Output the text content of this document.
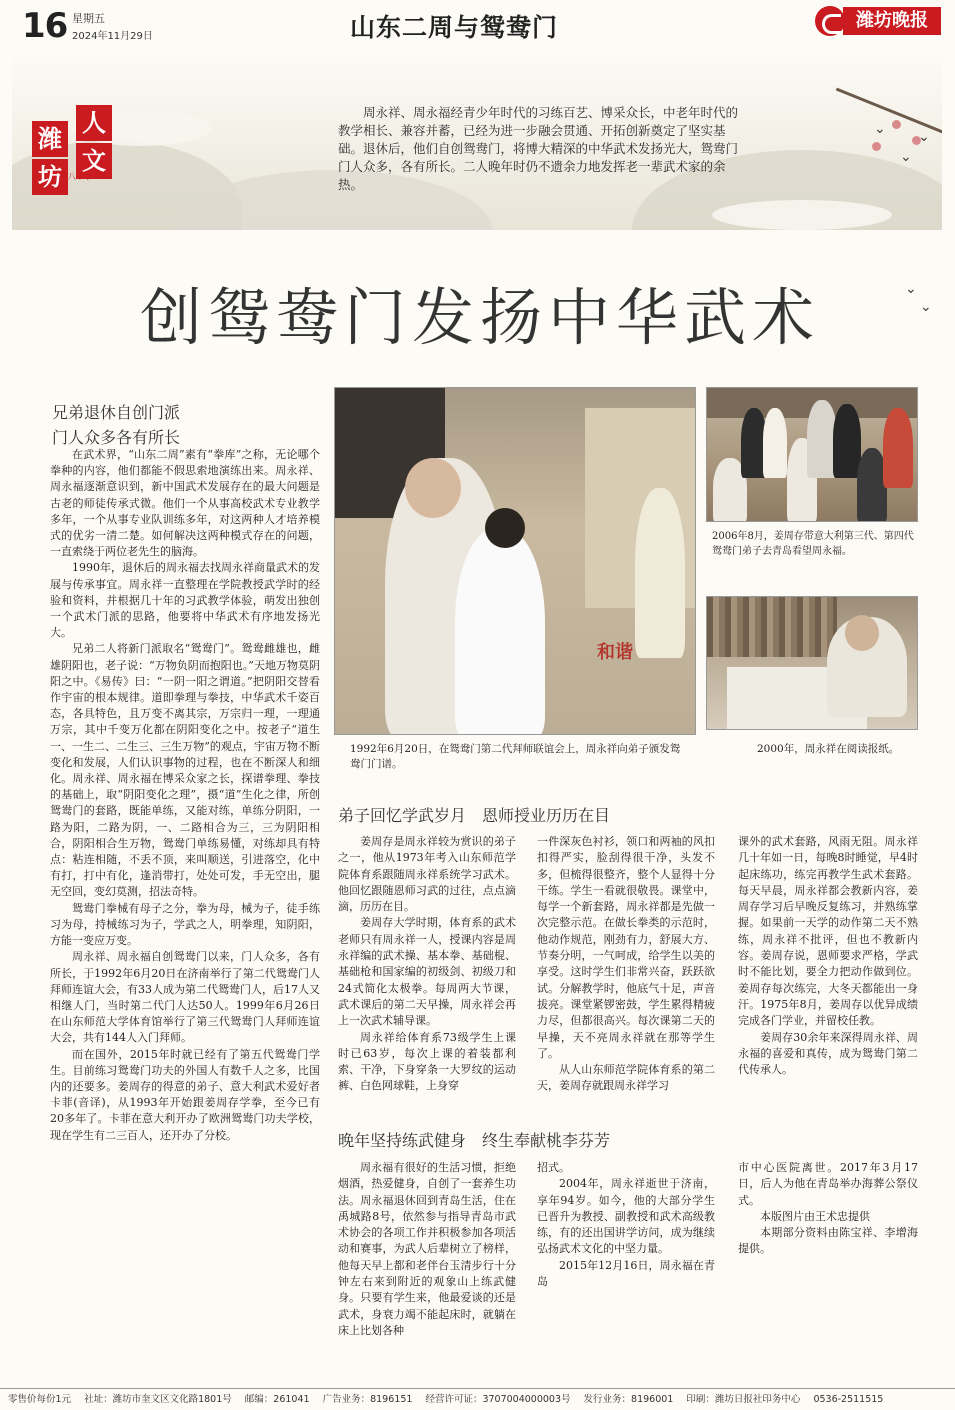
16 星期五
2024年11月29日	山东二周与鸳鸯门	潍坊晚报
⌄
⌄
⌄
人
潍
文
坊
第八十季
周永祥、周永福经青少年时代的习练百艺、博采众长，中老年时代的教学相长、兼容并蓄，已经为进一步融会贯通、开拓创新奠定了坚实基础。退休后，他们自创鸳鸯门，将博大精深的中华武术发扬光大，鸳鸯门门人众多，各有所长。二人晚年时仍不遗余力地发挥老一辈武术家的余热。
⌄
⌄
创鸳鸯门发扬中华武术
兄弟退休自创门派
门人众多各有所长

在武术界，“山东二周”素有“拳库”之称，无论哪个拳种的内容，他们都能不假思索地演练出来。周永祥、周永福逐渐意识到，新中国武术发展存在的最大问题是古老的师徒传承式微。他们一个从事高校武术专业教学多年，一个从事专业队训练多年，对这两种人才培养模式的优劣一清二楚。如何解决这两种模式存在的问题，一直索绕于两位老先生的脑海。

1990年，退休后的周永福去找周永祥商量武术的发展与传承事宜。周永祥一直整理在学院教授武学时的经验和资料，并根据几十年的习武教学体验，萌发出独创一个武术门派的思路，他要将中华武术有序地发扬光大。

兄弟二人将新门派取名“鸳鸯门”。鸳鸯雌雄也，雌雄阴阳也，老子说：“万物负阴而抱阳也。”天地万物莫阴阳之中。《易传》曰：“一阴一阳之谓道。”把阴阳交替看作宇宙的根本规律。道即拳理与拳技，中华武术千姿百态，各具特色，且万变不离其宗，万宗归一理，一理通万宗，其中千变万化都在阴阳变化之中。按老子“道生一、一生二、二生三、三生万物”的观点，宇宙万物不断变化和发展，人们认识事物的过程，也在不断深人和细化。周永祥、周永福在博采众家之长，探谱拳理、拳技的基础上，取“阴阳变化之理”，摄“道”生化之律，所创鸳鸯门的套路，既能单练，又能对练，单练分阴阳，一路为阳，二路为阴，一、二路相合为三，三为阴阳相合，阴阳相合生万物，鸳鸯门单练易懂，对练却具有特点：粘连相随，不丢不顶，来叫顺送，引进落空，化中有打，打中有化，逢消带打，处处可发，手无空出，腿无空回，变幻莫测，招法奇特。

鸳鸯门拳械有母子之分，拳为母，械为子，徒手练习为母，持械练习为子，学武之人，明拳理，知阴阳，方能一变应万变。

周永祥、周永福自创鸳鸯门以来，门人众多，各有所长，于1992年6月20日在济南举行了第二代鸳鸯门人拜师连谊大会，有33人成为第二代鸳鸯门人，后17人又相继人门，当时第二代门人达50人。1999年6月26日在山东师范大学体育馆举行了第三代鸳鸯门人拜师连谊大会，共有144人入门拜师。

而在国外，2015年时就已经有了第五代鸳鸯门学生。目前练习鸳鸯门功夫的外国人有数千人之多，比国内的还要多。姜周存的得意的弟子、意大利武术爱好者卡菲(音译)，从1993年开始跟姜周存学拳，至今已有20多年了。卡菲在意大利开办了欧洲鸳鸯门功夫学校，现在学生有二三百人，还开办了分校。

和谐
2006年8月，姜周存带意大利第三代、第四代鸳鸯门弟子去青岛看望周永福。
1992年6月20日，在鸳鸯门第二代拜师联谊会上，周永祥向弟子颁发鸳鸯门门谱。
2000年，周永祥在阅读报纸。
弟子回忆学武岁月　恩师授业历历在目

姜周存是周永祥较为赏识的弟子之一，他从1973年考入山东师范学院体育系跟随周永祥系统学习武术。他回忆跟随恩师习武的过往，点点滴滴，历历在目。

姜周存大学时期，体育系的武术老师只有周永祥一人，授课内容是周永祥编的武术操、基本拳、基础棍、基础枪和国家编的初级剑、初级刀和24式简化太极拳。每周两大节课，武术课后的第二天早操，周永祥会再上一次武术辅导课。

周永祥给体育系73级学生上课时已63岁，每次上课的着装都利索、干净，下身穿条一大罗纹的运动裤、白色网球鞋，上身穿

一件深灰色衬衫，领口和两袖的风扣扣得严实，脸刮得很干净，头发不多，但梳得很整齐，整个人显得十分干练。学生一看就很敬畏。课堂中，每学一个新套路，周永祥都是先做一次完整示范。在做长拳类的示范时，他动作规范，刚劲有力，舒展大方、节奏分明，一气呵成，给学生以美的享受。这时学生们非常兴奋，跃跃欲试。分解教学时，他底气十足，声音拔亮。课堂紧锣密鼓，学生累得精疲力尽，但都很高兴。每次课第二天的早操，天不亮周永祥就在那等学生了。

从人山东师范学院体育系的第二天，姜周存就跟周永祥学习

课外的武术套路，风雨无阻。周永祥几十年如一日，每晚8时睡觉，早4时起床练功，练完再教学生武术套路。每天早晨，周永祥都会教新内容，姜周存学习后早晚反复练习，并熟练掌握。如果前一天学的动作第二天不熟练，周永祥不批评，但也不教新内容。姜周存说，恩师要求严格，学武时不能比划，要全力把动作做到位。姜周存每次练完，大冬天都能出一身汗。1975年8月，姜周存以优异成绩完成各门学业，并留校任教。

姜周存30余年来深得周永祥、周永福的喜爱和真传，成为鸳鸯门第二代传承人。

晚年坚持练武健身　终生奉献桃李芬芳

周永福有很好的生活习惯，拒绝烟酒，热爱健身，自创了一套养生功法。周永福退休回到青岛生活，住在禹城路8号，依然参与指导青岛市武术协会的各项工作并积极参加各项活动和赛事，为武人后辈树立了榜样，他每天早上都和老伴台玉清步行十分钟左右来到附近的观象山上练武健身。只要有学生来，他最爱谈的还是武术，身衰力竭不能起床时，就躺在床上比划各种

招式。

2004年，周永祥逝世于济南，享年94岁。如今，他的大部分学生已晋升为教授、副教授和武术高级教练，有的还出国讲学访问，成为继续弘扬武术文化的中坚力量。

2015年12月16日，周永福在青岛

市中心医院离世。2017年3月17日，后人为他在青岛举办海葬公祭仪式。

本版图片由王术忠提供

本期部分资料由陈宝祥、李增海提供。

零售价每份1元 社址：潍坊市奎文区文化路1801号 邮编：261041 广告业务：8196151 经营许可证：3707004000003号 发行业务：8196001 印刷：潍坊日报社印务中心 0536-2511515
